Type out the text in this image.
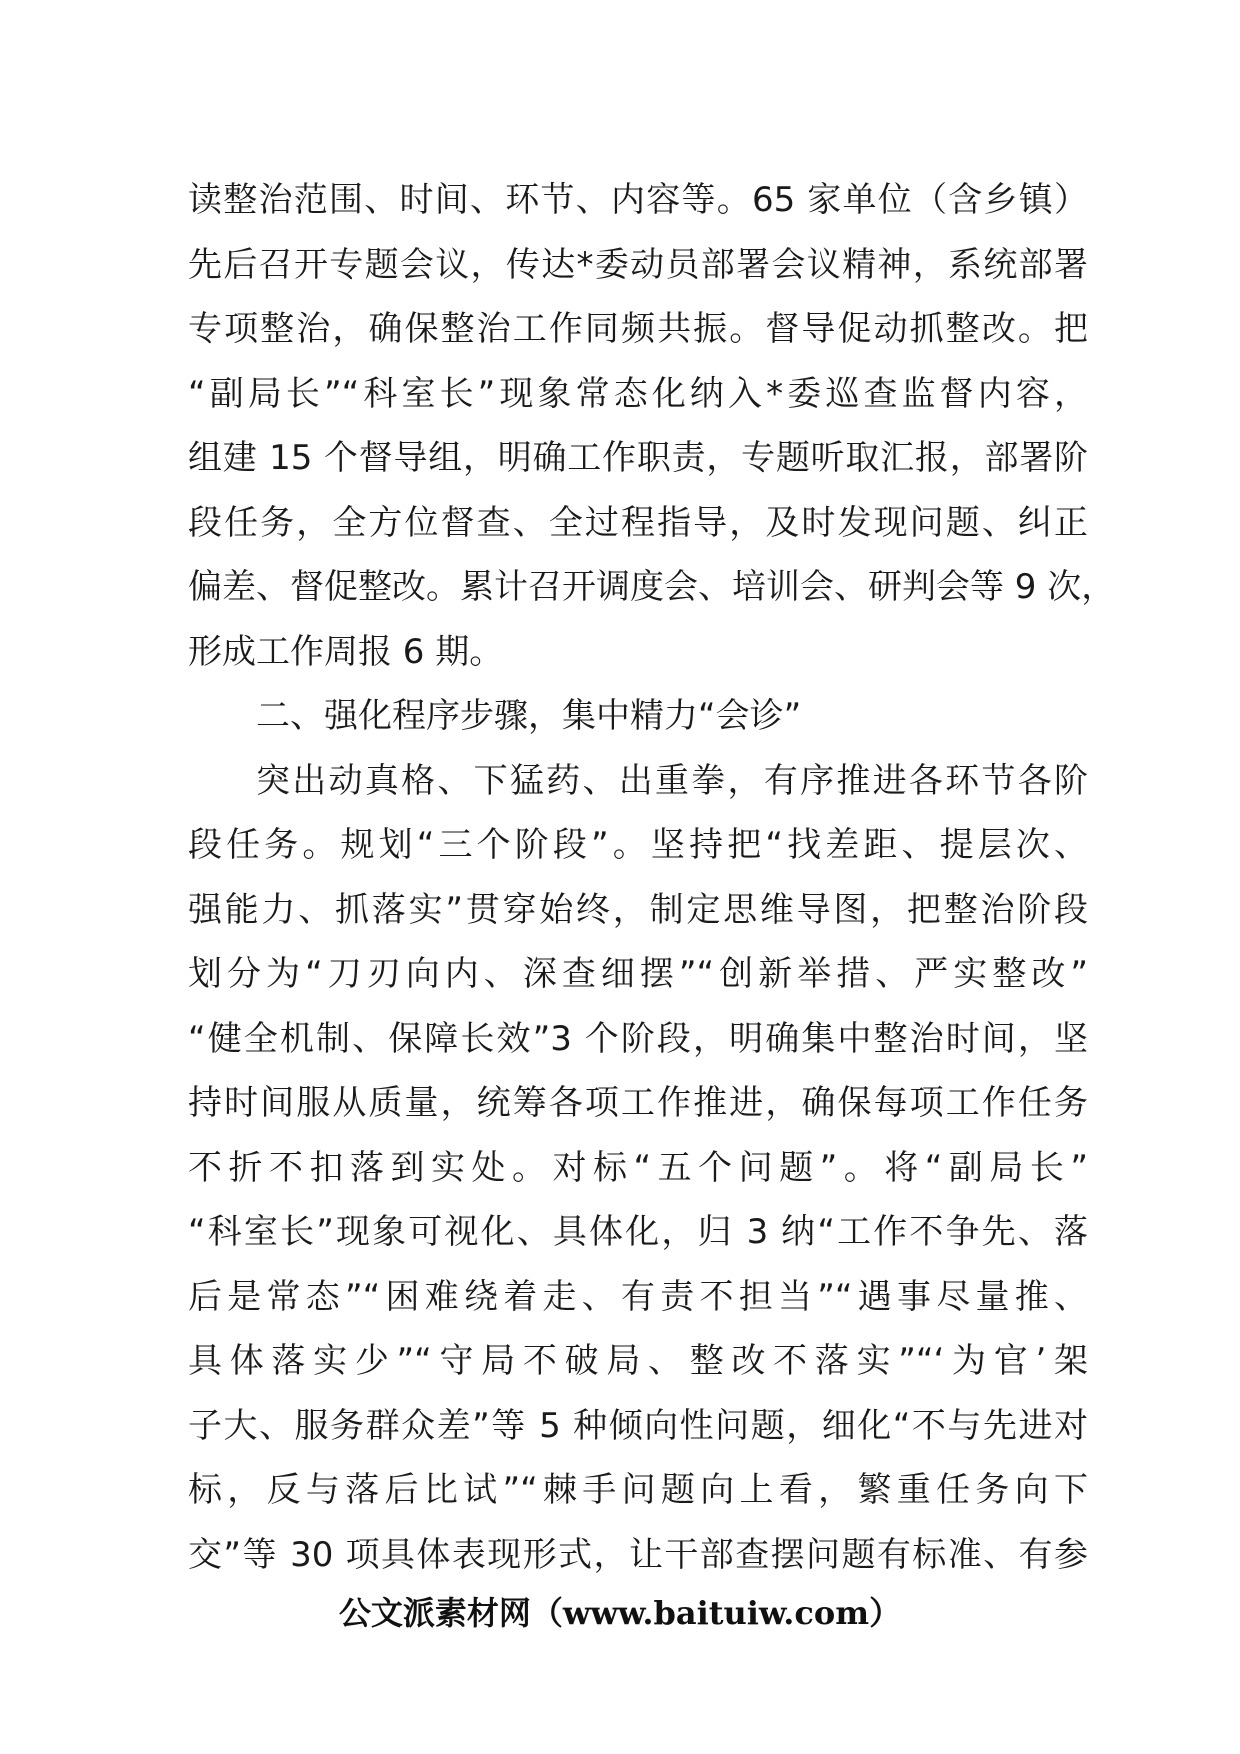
读整治范围、时间、环节、内容等。65 家单位（含乡镇）
先后召开专题会议，传达*委动员部署会议精神，系统部署
专项整治，确保整治工作同频共振。督导促动抓整改。把
“副局长”“科室长”现象常态化纳入*委巡查监督内容，
组建 15 个督导组，明确工作职责，专题听取汇报，部署阶
段任务，全方位督查、全过程指导，及时发现问题、纠正
偏差、督促整改。累计召开调度会、培训会、研判会等 9 次，
形成工作周报 6 期。
二、强化程序步骤，集中精力“会诊”
突出动真格、下猛药、出重拳，有序推进各环节各阶
段任务。规划“三个阶段”。坚持把“找差距、提层次、
强能力、抓落实”贯穿始终，制定思维导图，把整治阶段
划分为“刀刃向内、深查细摆”“创新举措、严实整改”
“健全机制、保障长效”3 个阶段，明确集中整治时间，坚
持时间服从质量，统筹各项工作推进，确保每项工作任务
不折不扣落到实处。对标“五个问题”。将“副局长”
“科室长”现象可视化、具体化，归 3 纳“工作不争先、落
后是常态”“困难绕着走、有责不担当”“遇事尽量推、
具体落实少”“守局不破局、整改不落实”“‘为官’架
子大、服务群众差”等 5 种倾向性问题，细化“不与先进对
标，反与落后比试”“棘手问题向上看，繁重任务向下
交”等 30 项具体表现形式，让干部查摆问题有标准、有参
公文派素材网（www.baituiw.com）
